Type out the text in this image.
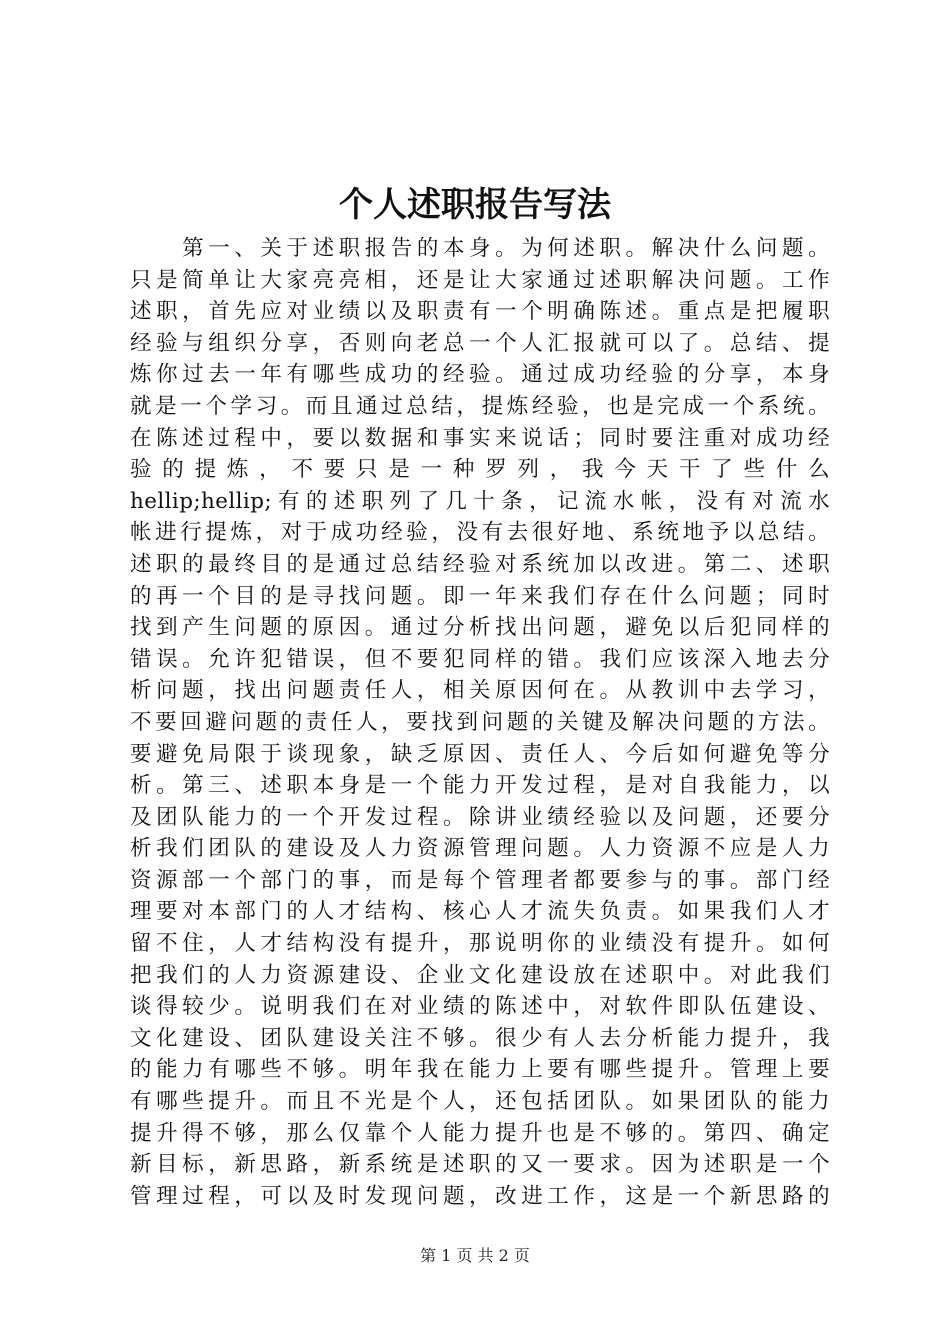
个人述职报告写法
　　第一、关于述职报告的本身。为何述职。解决什么问题。
只是简单让大家亮亮相，还是让大家通过述职解决问题。工作
述职，首先应对业绩以及职责有一个明确陈述。重点是把履职
经验与组织分享，否则向老总一个人汇报就可以了。总结、提
炼你过去一年有哪些成功的经验。通过成功经验的分享，本身
就是一个学习。而且通过总结，提炼经验，也是完成一个系统。
在陈述过程中，要以数据和事实来说话；同时要注重对成功经
验 的 提 炼 ， 不 要 只 是 一 种 罗 列 ， 我 今 天 干 了 些 什 么
hellip;hellip;有的述职列了几十条，记流水帐，没有对流水
帐进行提炼，对于成功经验，没有去很好地、系统地予以总结。
述职的最终目的是通过总结经验对系统加以改进。第二、述职
的再一个目的是寻找问题。即一年来我们存在什么问题；同时
找到产生问题的原因。通过分析找出问题，避免以后犯同样的
错误。允许犯错误，但不要犯同样的错。我们应该深入地去分
析问题，找出问题责任人，相关原因何在。从教训中去学习，
不要回避问题的责任人，要找到问题的关键及解决问题的方法。
要避免局限于谈现象，缺乏原因、责任人、今后如何避免等分
析。第三、述职本身是一个能力开发过程，是对自我能力，以
及团队能力的一个开发过程。除讲业绩经验以及问题，还要分
析我们团队的建设及人力资源管理问题。人力资源不应是人力
资源部一个部门的事，而是每个管理者都要参与的事。部门经
理要对本部门的人才结构、核心人才流失负责。如果我们人才
留不住，人才结构没有提升，那说明你的业绩没有提升。如何
把我们的人力资源建设、企业文化建设放在述职中。对此我们
谈得较少。说明我们在对业绩的陈述中，对软件即队伍建设、
文化建设、团队建设关注不够。很少有人去分析能力提升，我
的能力有哪些不够。明年我在能力上要有哪些提升。管理上要
有哪些提升。而且不光是个人，还包括团队。如果团队的能力
提升得不够，那么仅靠个人能力提升也是不够的。第四、确定
新目标，新思路，新系统是述职的又一要求。因为述职是一个
管理过程，可以及时发现问题，改进工作，这是一个新思路的
第 1 页 共 2 页
